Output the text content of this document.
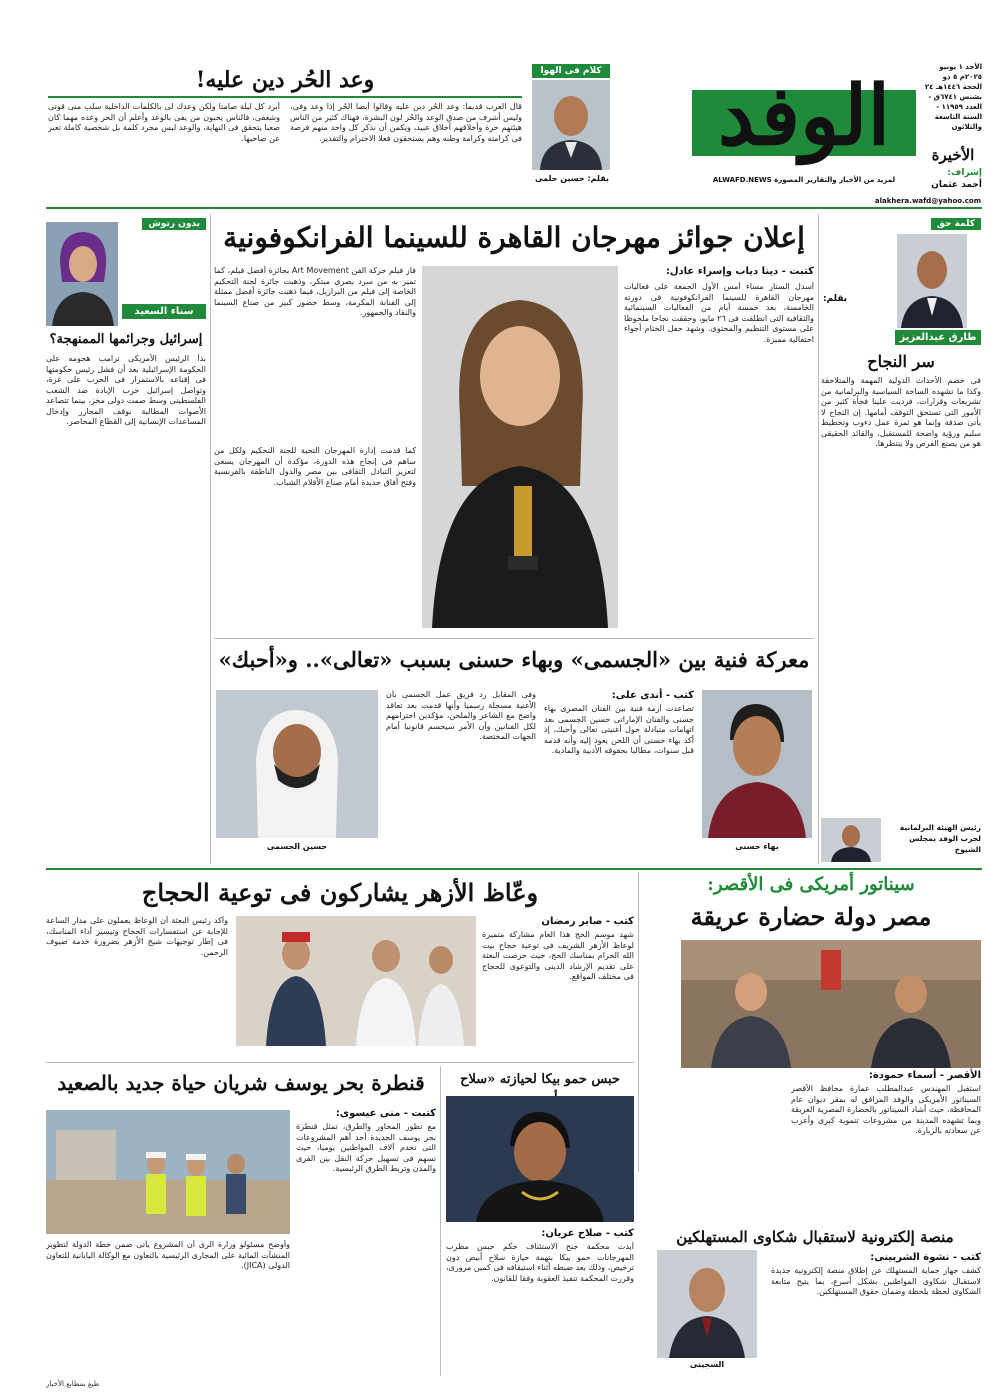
الأحد ١ يونيو ٢٠٢٥م ٥ ذو الحجة ١٤٤٦هـ ٢٤ بشنس ٦٧٤١ق - العدد ١١٩٥٩ - السنة التاسعة والثلاثون
الأخيرة
إشراف:
أحمد عثمان
الوفد
لمزيد من الأخبار والتقارير المصورة ALWAFD.NEWS
كلام فى الهوا
بقلم: حسين حلمى
وعد الحُر دين عليه!
قال العرب قديما: وعد الحُر دين عليه وقالوا أيضا الحُر إذا وعد وفى، وليس أشرف من صدق الوعد والحُر لون البشرة، فهناك كثير من الناس هيئتهم حرة وأخلاقهم أخلاق عبيد، ويكمن أن نذكر كل واحد منهم فرصة فى كرامته وكرامة وطنه وهم يستحقون فعلا الاحترام والتقدير.
أبرد كل ليلة صامتا ولكن وعدك لى بالكلمات الداخلية سلب منى قوتى وشغفى، فالناس يحبون من يفى بالوعد وأعلم أن الحر وعده مهما كان صعبا يتحقق فى النهاية، والوعد ليس مجرد كلمة بل شخصية كاملة تعبر عن صاحبها.
alakhera.wafd@yahoo.com
كلمة حق
بقلم:
طارق عبدالعزيز
سر النجاح
فى خضم الأحداث الدولية المهمة والمتلاحقة وكذا ما تشهده الساحة السياسية والبرلمانية من تشريعات وقرارات، فرديت علينا فجأة كثير من الأمور التى تستحق التوقف أمامها. إن النجاح لا يأتى صدفة وإنما هو ثمرة عمل دءوب وتخطيط سليم ورؤية واضحة للمستقبل، والقائد الحقيقى هو من يصنع الفرص ولا ينتظرها.
رئيس الهيئة البرلمانية لحزب الوفد بمجلس الشيوخ
بدون رتوش
سناء السعيد
إسرائيل وجرائمها الممنهجة؟
بدأ الرئيس الأمريكى ترامب هجومه على الحكومة الإسرائيلية بعد أن فشل رئيس حكومتها فى إقناعه بالاستمرار فى الحرب على غزة، وتواصل إسرائيل حرب الإبادة ضد الشعب الفلسطينى وسط صمت دولى مخز، بينما تتصاعد الأصوات المطالبة بوقف المجازر وإدخال المساعدات الإنسانية إلى القطاع المحاصر.
إعلان جوائز مهرجان القاهرة للسينما الفرانكوفونية
كتبت - دينا دياب وإسراء عادل:
أسدل الستار مساء أمس الأول الجمعة على فعاليات مهرجان القاهرة للسينما الفرانكوفونية فى دورته الخامسة، بعد خمسة أيام من الفعاليات السينمائية والثقافية التى انطلقت فى ٢٦ مايو، وحققت نجاحا ملحوظا على مستوى التنظيم والمحتوى. وشهد حفل الختام أجواء احتفالية مميزة.
فاز فيلم حركة الفن Art Movement بجائزة أفضل فيلم، كما تميز به من سرد بصرى مبتكر، وذهبت جائزة لجنة التحكيم الخاصة إلى فيلم من البرازيل، فيما ذهبت جائزة أفضل ممثلة إلى الفنانة المكرمة، وسط حضور كبير من صناع السينما والنقاد والجمهور.
كما قدمت إدارة المهرجان التحية للجنة التحكيم ولكل من ساهم فى إنجاح هذه الدورة، مؤكدة أن المهرجان يسعى لتعزيز التبادل الثقافى بين مصر والدول الناطقة بالفرنسية وفتح آفاق جديدة أمام صناع الأفلام الشباب.
معركة فنية بين «الجسمى» وبهاء حسنى بسبب «تعالى».. و«أحبك»
بهاء حسنى
كتب - أندى على:
تصاعدت أزمة فنية بين الفنان المصرى بهاء حسنى والفنان الإماراتى حسين الجسمى بعد اتهامات متبادلة حول أغنيتى تعالى وأحبك، إذ أكد بهاء حسنى أن اللحن يعود إليه وأنه قدمه قبل سنوات، مطالبا بحقوقه الأدبية والمادية.
وفى المقابل رد فريق عمل الجسمى بأن الأغنية مسجلة رسميا وأنها قدمت بعد تعاقد واضح مع الشاعر والملحن، مؤكدين احترامهم لكل الفنانين وأن الأمر سيحسم قانونيا أمام الجهات المختصة.
حسين الجسمى
سيناتور أمريكى فى الأقصر:
مصر دولة حضارة عريقة
الأقصر - أسماء حمودة:
استقبل المهندس عبدالمطلب عمارة محافظ الأقصر السيناتور الأمريكى والوفد المرافق له بمقر ديوان عام المحافظة، حيث أشاد السيناتور بالحضارة المصرية العريقة وبما تشهده المدينة من مشروعات تنموية كبرى وأعرب عن سعادته بالزيارة.
منصة إلكترونية لاستقبال شكاوى المستهلكين
كتب - نشوة الشربينى:
كشف جهاز حماية المستهلك عن إطلاق منصة إلكترونية جديدة لاستقبال شكاوى المواطنين بشكل أسرع، بما يتيح متابعة الشكاوى لحظة بلحظة وضمان حقوق المستهلكين.
السجينى
وعّاظ الأزهر يشاركون فى توعية الحجاج
كتب - صابر رمضان
شهد موسم الحج هذا العام مشاركة متميزة لوعاظ الأزهر الشريف فى توعية حجاج بيت الله الحرام بمناسك الحج، حيث حرصت البعثة على تقديم الإرشاد الدينى والتوعوى للحجاج فى مختلف المواقع.
وأكد رئيس البعثة أن الوعاظ يعملون على مدار الساعة للإجابة عن استفسارات الحجاج وتيسير أداء المناسك، فى إطار توجيهات شيخ الأزهر بضرورة خدمة ضيوف الرحمن.
حبس حمو بيكا لحيازته «سلاح
كتب - صلاح عريان:
أيدت محكمة جنح الاستئناف حكم حبس مطرب المهرجانات حمو بيكا بتهمة حيازة سلاح أبيض دون ترخيص، وذلك بعد ضبطه أثناء استيقافه فى كمين مرورى، وقررت المحكمة تنفيذ العقوبة وفقا للقانون.
قنطرة بحر يوسف شريان حياة جديد بالصعيد
كتبت - منى عيسوى:
مع تطور المحاور والطرق، تمثل قنطرة بحر يوسف الجديدة أحد أهم المشروعات التى تخدم آلاف المواطنين يوميا، حيث تسهم فى تسهيل حركة النقل بين القرى والمدن وتربط الطرق الرئيسية.
وأوضح مسئولو وزارة الرى أن المشروع يأتى ضمن خطة الدولة لتطوير المنشآت المائية على المجارى الرئيسية بالتعاون مع الوكالة اليابانية للتعاون الدولى (JICA).
طبع بمطابع الأخبار
